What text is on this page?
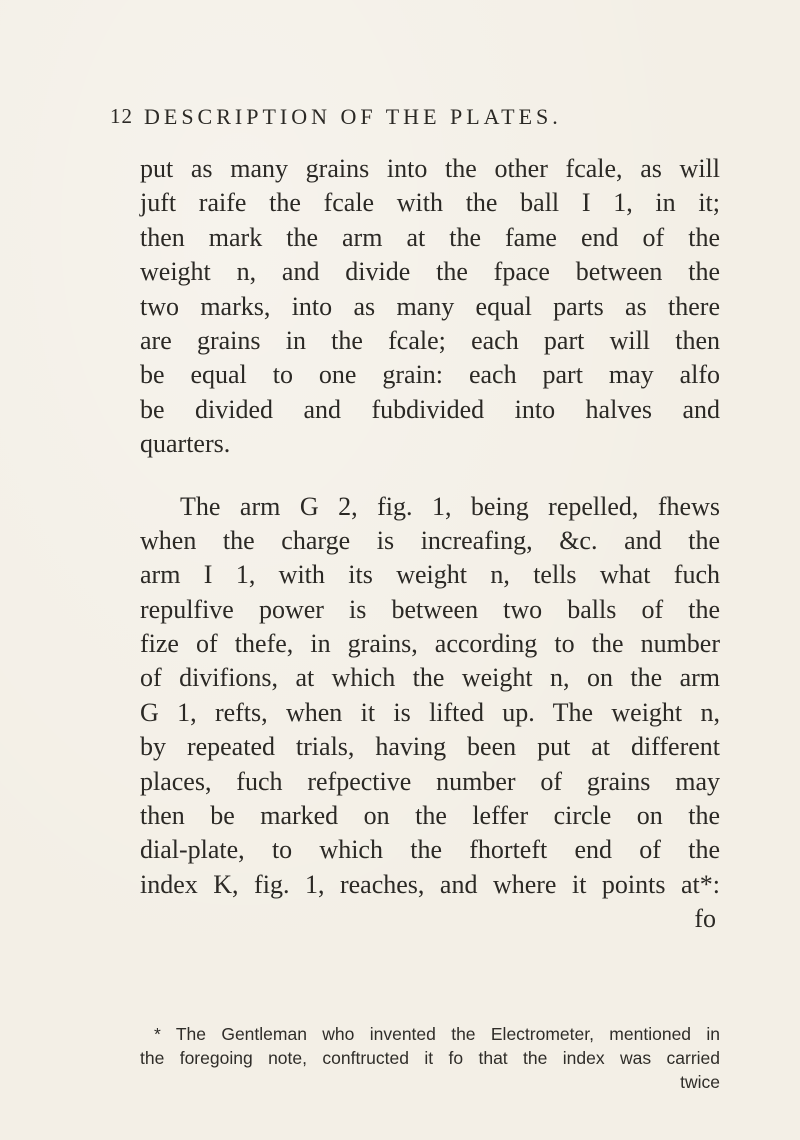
12 DESCRIPTION OF THE PLATES.
put as many grains into the other fcale, as will
juft raife the fcale with the ball I 1, in it;
then mark the arm at the fame end of the
weight n, and divide the fpace between the
two marks, into as many equal parts as there
are grains in the fcale; each part will then
be equal to one grain: each part may alfo
be divided and fubdivided into halves and
quarters.
The arm G 2, fig. 1, being repelled, fhews
when the charge is increafing, &c. and the
arm I 1, with its weight n, tells what fuch
repulfive power is between two balls of the
fize of thefe, in grains, according to the number
of divifions, at which the weight n, on the arm
G 1, refts, when it is lifted up. The weight n,
by repeated trials, having been put at different
places, fuch refpective number of grains may
then be marked on the leffer circle on the
dial-plate, to which the fhorteft end of the
index K, fig. 1, reaches, and where it points at*:
fo
* The Gentleman who invented the Electrometer, mentioned in
the foregoing note, conftructed it fo that the index was carried
twice
